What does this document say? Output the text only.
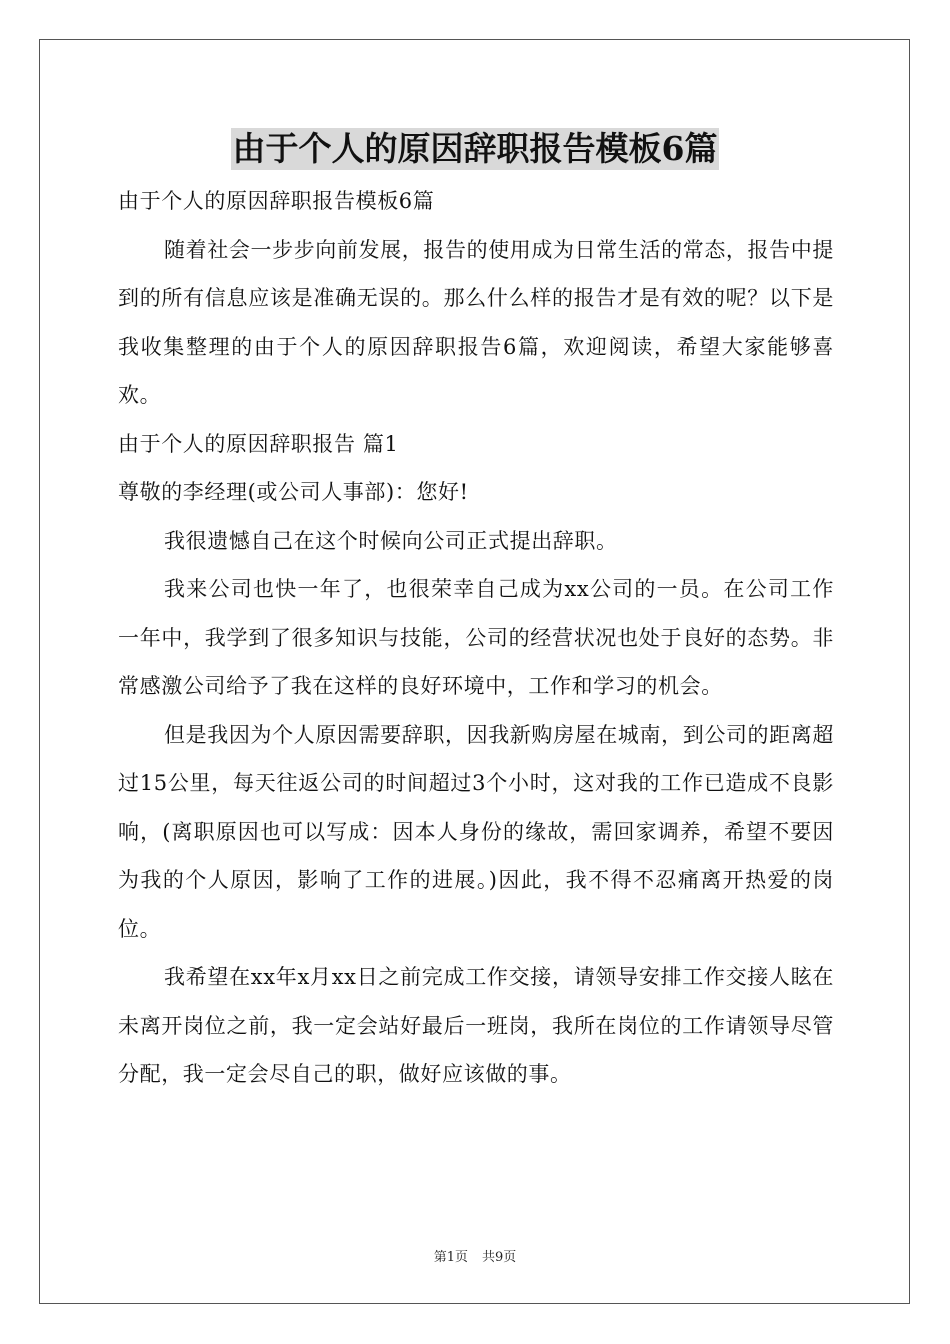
由于个人的原因辞职报告模板6篇

由于个人的原因辞职报告模板6篇

随着社会一步步向前发展，报告的使用成为日常生活的常态，报告中提到的所有信息应该是准确无误的。那么什么样的报告才是有效的呢？以下是我收集整理的由于个人的原因辞职报告6篇，欢迎阅读，希望大家能够喜欢。

由于个人的原因辞职报告 篇1

尊敬的李经理(或公司人事部)：您好!

我很遗憾自己在这个时候向公司正式提出辞职。

我来公司也快一年了，也很荣幸自己成为xx公司的一员。在公司工作一年中，我学到了很多知识与技能，公司的经营状况也处于良好的态势。非常感激公司给予了我在这样的良好环境中，工作和学习的机会。

但是我因为个人原因需要辞职，因我新购房屋在城南，到公司的距离超过15公里，每天往返公司的时间超过3个小时，这对我的工作已造成不良影响，(离职原因也可以写成：因本人身份的缘故，需回家调养，希望不要因为我的个人原因，影响了工作的进展。)因此，我不得不忍痛离开热爱的岗位。

我希望在xx年x月xx日之前完成工作交接，请领导安排工作交接人眩在未离开岗位之前，我一定会站好最后一班岗，我所在岗位的工作请领导尽管分配，我一定会尽自己的职，做好应该做的事。

第1页 共9页
